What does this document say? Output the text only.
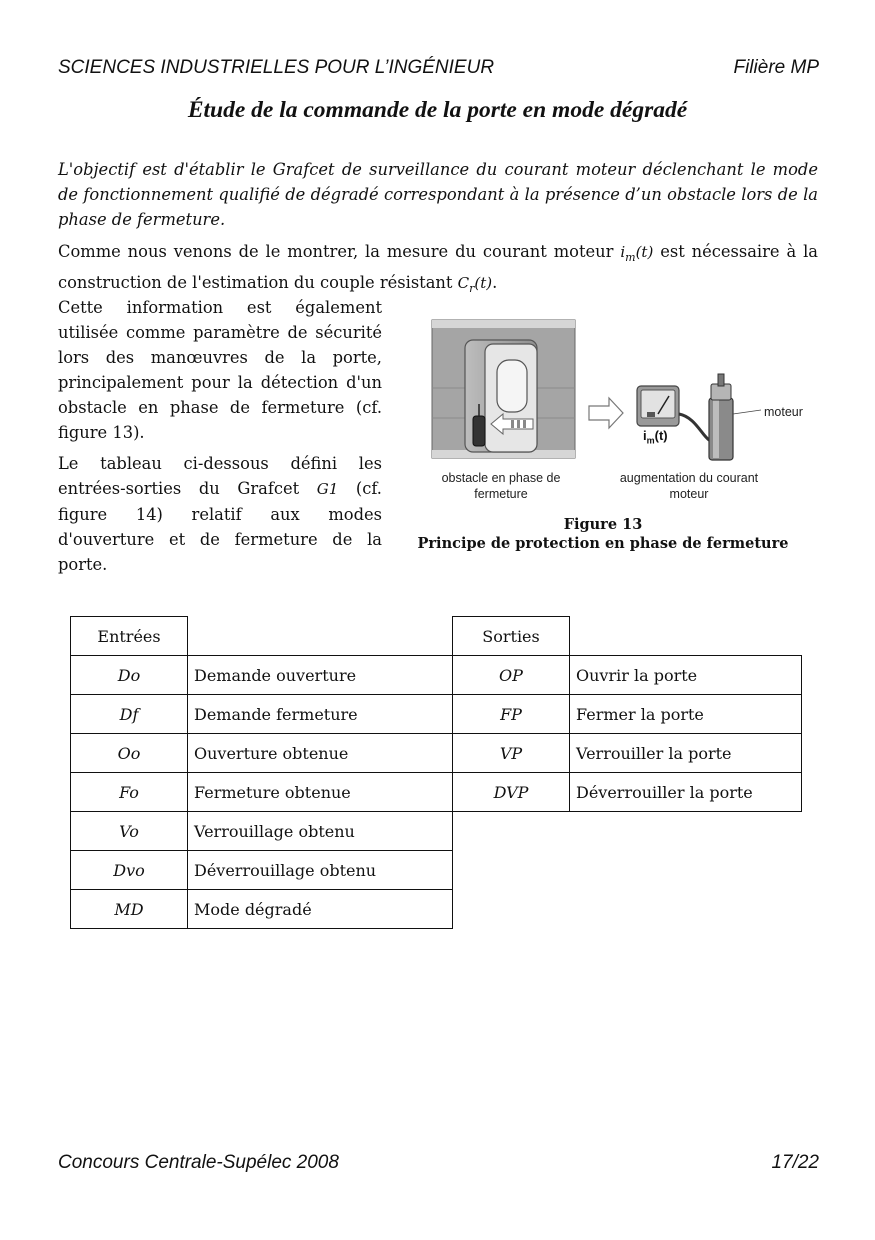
SCIENCES INDUSTRIELLES POUR L’INGÉNIEUR	Filière MP
Étude de la commande de la porte en mode dégradé
L'objectif est d'établir le Grafcet de surveillance du courant moteur déclenchant le mode de fonctionnement qualifié de dégradé correspondant à la présence d’un obstacle lors de la phase de fermeture.
Comme nous venons de le montrer, la mesure du courant moteur $i_m(t)$ est nécessaire à la construction de l'estimation du couple résistant $C_r(t)$.
Cette information est également utilisée comme paramètre de sécurité lors des manœuvres de la porte, principalement pour la détection d'un obstacle en phase de fermeture (cf. figure 13).
Le tableau ci-dessous défini les entrées-sorties du Grafcet G1 (cf. figure 14) relatif aux modes d'ouverture et de fermeture de la porte.
moteur
$i_m(t)$
obstacle en phase de fermeture
augmentation du courant moteur
Figure 13
Principe de protection en phase de fermeture
Entrées		Sorties	
Do	Demande ouverture	OP	Ouvrir la porte
Df	Demande fermeture	FP	Fermer la porte
Oo	Ouverture obtenue	VP	Verrouiller la porte
Fo	Fermeture obtenue	DVP	Déverrouiller la porte
Vo	Verrouillage obtenu		
Dvo	Déverrouillage obtenu		
MD	Mode dégradé		
Concours Centrale-Supélec 2008	17/22
